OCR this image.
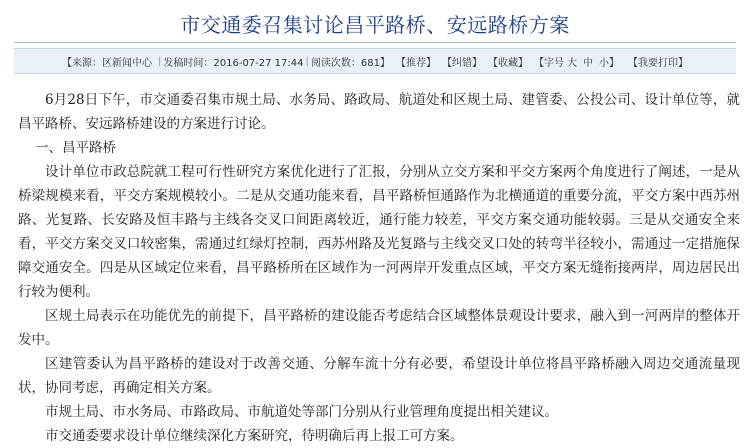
市交通委召集讨论昌平路桥、安远路桥方案
【来源：区新闻中心 | 发稿时间：2016-07-27 17:44 | 阅读次数：681】 【推荐】 【纠错】 【收藏】 【字号 大 中 小】 【我要打印】

6月28日下午，市交通委召集市规土局、水务局、路政局、航道处和区规土局、建管委、公投公司、设计单位等，就昌平路桥、安远路桥建设的方案进行讨论。

一、昌平路桥

设计单位市政总院就工程可行性研究方案优化进行了汇报，分别从立交方案和平交方案两个角度进行了阐述，一是从桥梁规模来看，平交方案规模较小。二是从交通功能来看，昌平路桥恒通路作为北横通道的重要分流，平交方案中西苏州路、光复路、长安路及恒丰路与主线各交叉口间距离较近，通行能力较差，平交方案交通功能较弱。三是从交通安全来看，平交方案交叉口较密集，需通过红绿灯控制，西苏州路及光复路与主线交叉口处的转弯半径较小，需通过一定措施保障交通安全。四是从区域定位来看，昌平路桥所在区域作为一河两岸开发重点区域，平交方案无缝衔接两岸，周边居民出行较为便利。

区规土局表示在功能优先的前提下，昌平路桥的建设能否考虑结合区域整体景观设计要求，融入到一河两岸的整体开发中。

区建管委认为昌平路桥的建设对于改善交通、分解车流十分有必要，希望设计单位将昌平路桥融入周边交通流量现状，协同考虑，再确定相关方案。

市规土局、市水务局、市路政局、市航道处等部门分别从行业管理角度提出相关建议。

市交通委要求设计单位继续深化方案研究，待明确后再上报工可方案。
